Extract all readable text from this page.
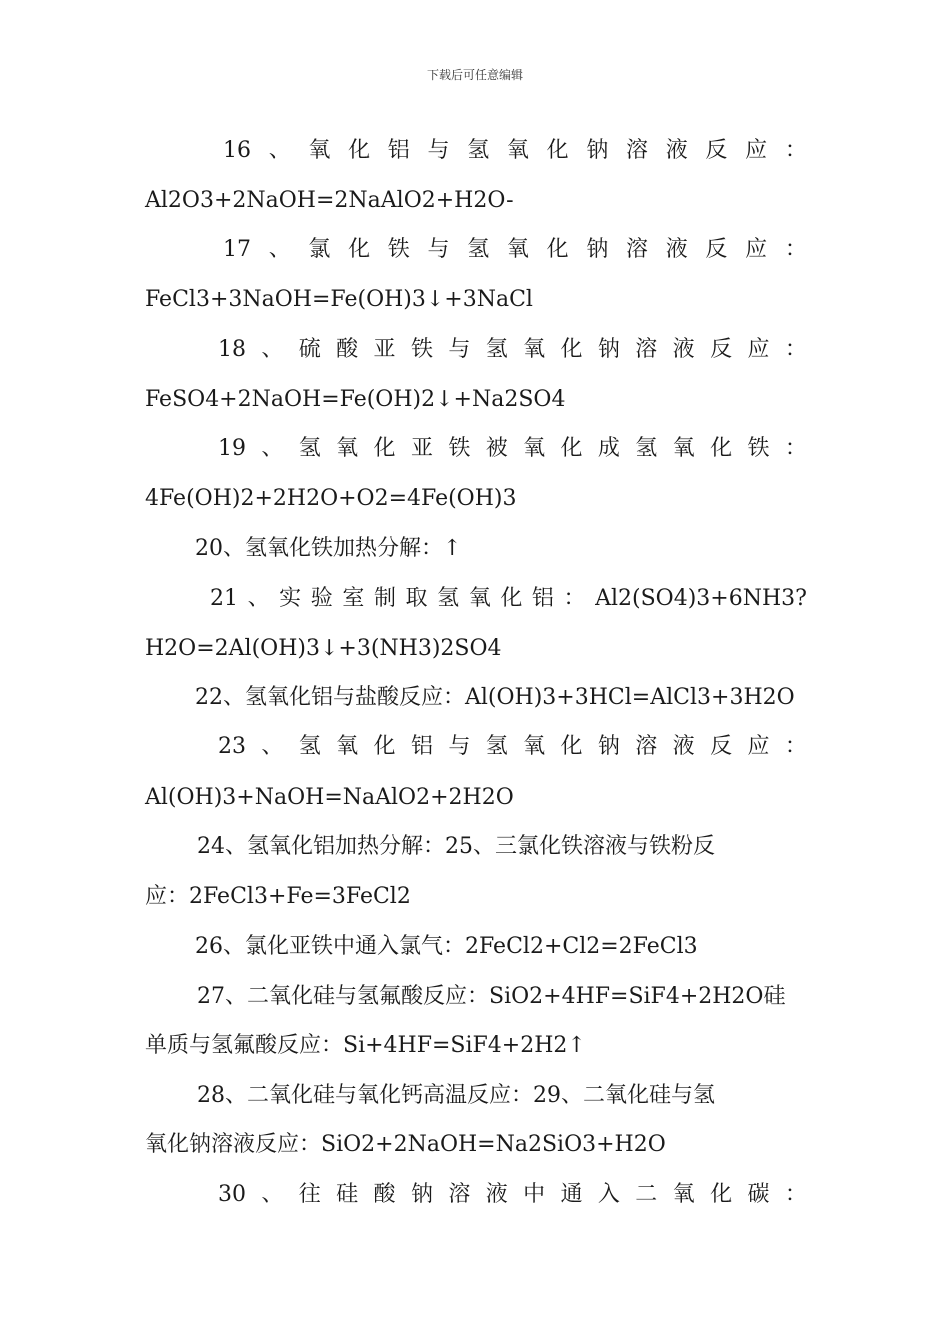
下载后可任意编辑
16 、 氧 化 铝 与 氢 氧 化 钠 溶 液 反 应 ：
Al2O3+2NaOH=2NaAlO2+H2O-
17 、 氯 化 铁 与 氢 氧 化 钠 溶 液 反 应 ：
FeCl3+3NaOH=Fe(OH)3↓+3NaCl
18 、 硫 酸 亚 铁 与 氢 氧 化 钠 溶 液 反 应 ：
FeSO4+2NaOH=Fe(OH)2↓+Na2SO4
19 、 氢 氧 化 亚 铁 被 氧 化 成 氢 氧 化 铁 ：
4Fe(OH)2+2H2O+O2=4Fe(OH)3
20、氢氧化铁加热分解：↑
21 、 实 验 室 制 取 氢 氧 化 铝 ： Al2(SO4)3+6NH3?
H2O=2Al(OH)3↓+3(NH3)2SO4
22、氢氧化铝与盐酸反应：Al(OH)3+3HCl=AlCl3+3H2O
23 、 氢 氧 化 铝 与 氢 氧 化 钠 溶 液 反 应 ：
Al(OH)3+NaOH=NaAlO2+2H2O
24、氢氧化铝加热分解：25、三氯化铁溶液与铁粉反
应：2FeCl3+Fe=3FeCl2
26、氯化亚铁中通入氯气：2FeCl2+Cl2=2FeCl3
27、二氧化硅与氢氟酸反应：SiO2+4HF=SiF4+2H2O硅
单质与氢氟酸反应：Si+4HF=SiF4+2H2↑
28、二氧化硅与氧化钙高温反应：29、二氧化硅与氢
氧化钠溶液反应：SiO2+2NaOH=Na2SiO3+H2O
30 、 往 硅 酸 钠 溶 液 中 通 入 二 氧 化 碳 ：
